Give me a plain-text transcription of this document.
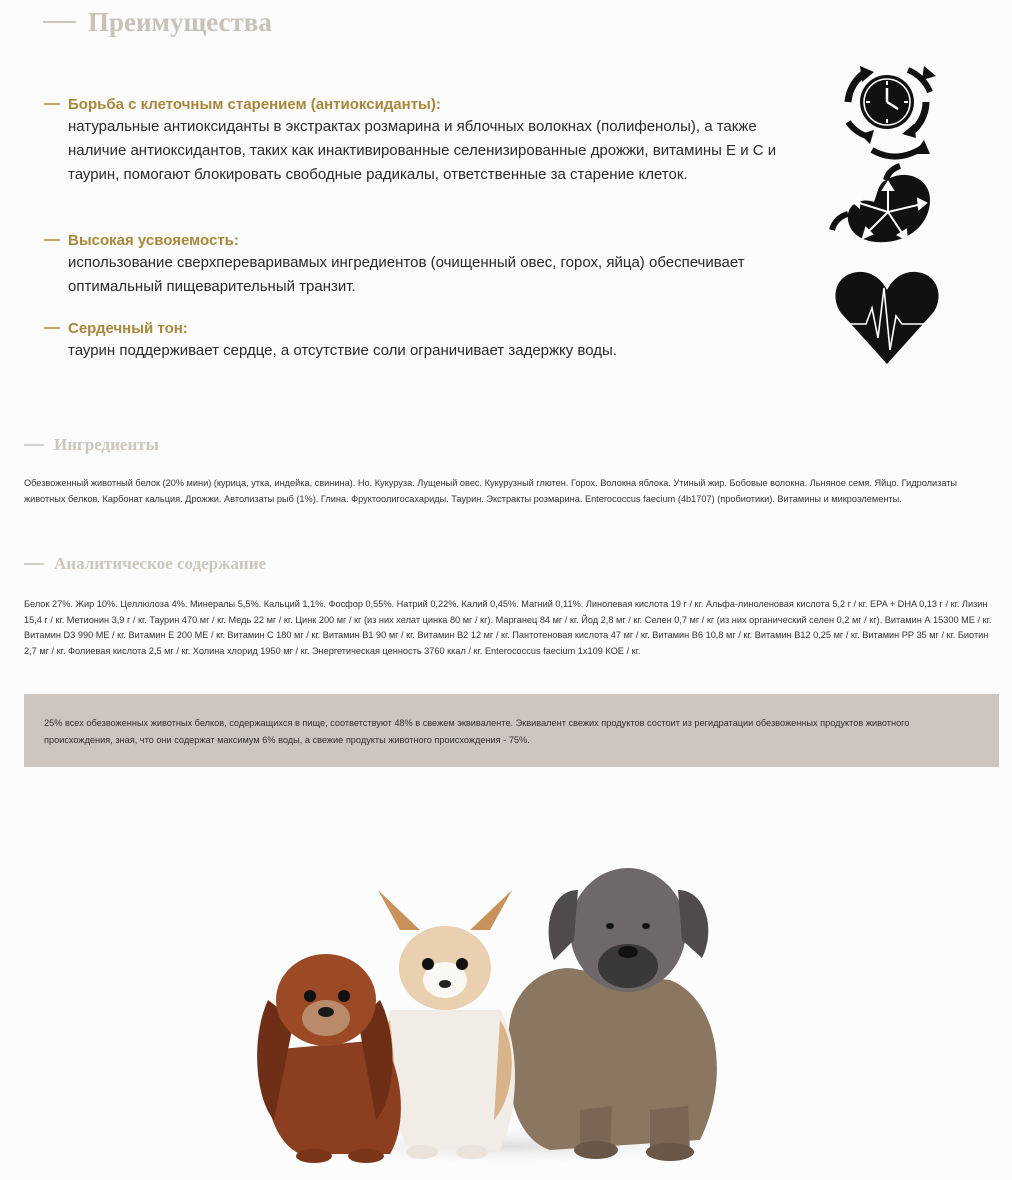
Преимущества
Борьба с клеточным старением (антиоксиданты):
натуральные антиоксиданты в экстрактах розмарина и яблочных волокнах (полифенолы), а также наличие антиоксидантов, таких как инактивированные селенизированные дрожжи, витамины Е и С и таурин, помогают блокировать свободные радикалы, ответственные за старение клеток.
Высокая усвояемость:
использование сверхпереваривамых ингредиентов (очищенный овес, горох, яйца) обеспечивает оптимальный пищеварительный транзит.
Сердечный тон:
таурин поддерживает сердце, а отсутствие соли ограничивает задержку воды.
Ингредиенты
Обезвоженный животный белок (20% мини) (курица, утка, индейка, свинина). Но. Кукуруза. Лущеный овес. Кукурузный глютен. Горох. Волокна яблока. Утиный жир. Бобовые волокна. Льняное семя. Яйцо. Гидролизаты животных белков. Карбонат кальция. Дрожжи. Автолизаты рыб (1%). Глина. Фруктоолигосахариды. Таурин. Экстракты розмарина. Enterococcus faecium (4b1707) (пробиотики). Витамины и микроэлементы.
Аналитическое содержание
Белок 27%. Жир 10%. Целлюлоза 4%. Минералы 5,5%. Кальций 1,1%. Фосфор 0,55%. Натрий 0,22%. Калий 0,45%. Магний 0,11%. Линолевая кислота 19 г / кг. Альфа-линоленовая кислота 5,2 г / кг. EPA + DHA 0,13 г / кг. Лизин 15,4 г / кг. Метионин 3,9 г / кг. Таурин 470 мг / кг. Медь 22 мг / кг. Цинк 200 мг / кг (из них хелат цинка 80 мг / кг). Марганец 84 мг / кг. Йод 2,8 мг / кг. Селен 0,7 мг / кг (из них органический селен 0,2 мг / кг). Витамин А 15300 МЕ / кг. Витамин D3 990 МЕ / кг. Витамин Е 200 МЕ / кг. Витамин С 180 мг / кг. Витамин B1 90 мг / кг. Витамин B2 12 мг / кг. Пантотеновая кислота 47 мг / кг. Витамин B6 10,8 мг / кг. Витамин B12 0,25 мг / кг. Витамин PP 35 мг / кг. Биотин 2,7 мг / кг. Фолиевая кислота 2,5 мг / кг. Холина хлорид 1950 мг / кг. Энергетическая ценность 3760 ккал / кг. Enterococcus faecium 1x109 КОЕ / кг.
25% всех обезвоженных животных белков, содержащихся в пище, соответствуют 48% в свежем эквиваленте. Эквивалент свежих продуктов состоит из регидратации обезвоженных продуктов животного происхождения, зная, что они содержат максимум 6% воды, а свежие продукты животного происхождения - 75%.
